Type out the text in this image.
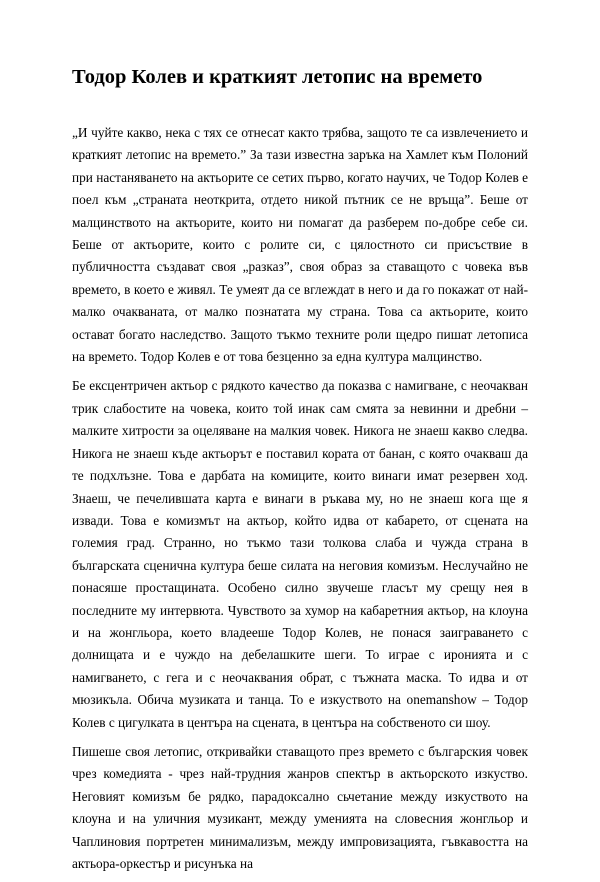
Тодор Колев и краткият летопис на времето

„И чуйте какво, нека с тях се отнесат както трябва, защото те са извлечението и краткият летопис на времето.” За тази известна заръка на Хамлет към Полоний при настаняването на актьорите се сетих първо, когато научих, че Тодор Колев е поел към „страната неоткрита, отдето никой пътник се не връща”. Беше от малцинството на актьорите, които ни помагат да разберем по-добре себе си. Беше от актьорите, които с ролите си, с цялостното си присъствие в публичността създават своя „разказ”, своя образ за ставащото с човека във времето, в което е живял. Те умеят да се вглеждат в него и да го покажат от най-малко очакваната, от малко познатата му страна. Това са актьорите, които остават богато наследство. Защото тъкмо техните роли щедро пишат летописа на времето. Тодор Колев е от това безценно за една култура малцинство.

Бе ексцентричен актьор с рядкото качество да показва с намигване, с неочакван трик слабостите на човека, които той инак сам смята за невинни и дребни – малките хитрости за оцеляване на малкия човек. Никога не знаеш какво следва. Никога не знаеш къде актьорът е поставил кората от банан, с която очакваш да те подхлъзне. Това е дарбата на комиците, които винаги имат резервен ход. Знаеш, че печелившата карта е винаги в ръкава му, но не знаеш кога ще я извади. Това е комизмът на актьор, който идва от кабарето, от сцената на големия град. Странно, но тъкмо тази толкова слаба и чужда страна в българската сценична култура беше силата на неговия комизъм. Неслучайно не понасяше простащината. Особено силно звучеше гласът му срещу нея в последните му интервюта. Чувството за хумор на кабаретния актьор, на клоуна и на жонгльора, което владееше Тодор Колев, не понася заиграването с долнищата и е чуждо на дебелашките шеги. То играе с иронията и с намигването, с гега и с неочаквания обрат, с тъжната маска. То идва и от мюзикъла. Обича музиката и танца. То е изкуството на onemanshow – Тодор Колев с цигулката в центъра на сцената, в центъра на собственото си шоу.

Пишеше своя летопис, откривайки ставащото през времето с българския човек чрез комедията - чрез най-трудния жанров спектър в актьорското изкуство. Неговият комизъм бе рядко, парадоксално сьчетание между изкуството на клоуна и на уличния музикант, между уменията на словесния жонгльор и Чаплиновия портретен минимализъм, между импровизацията, гъвкавостта на актьора-оркестър и рисунъка на
